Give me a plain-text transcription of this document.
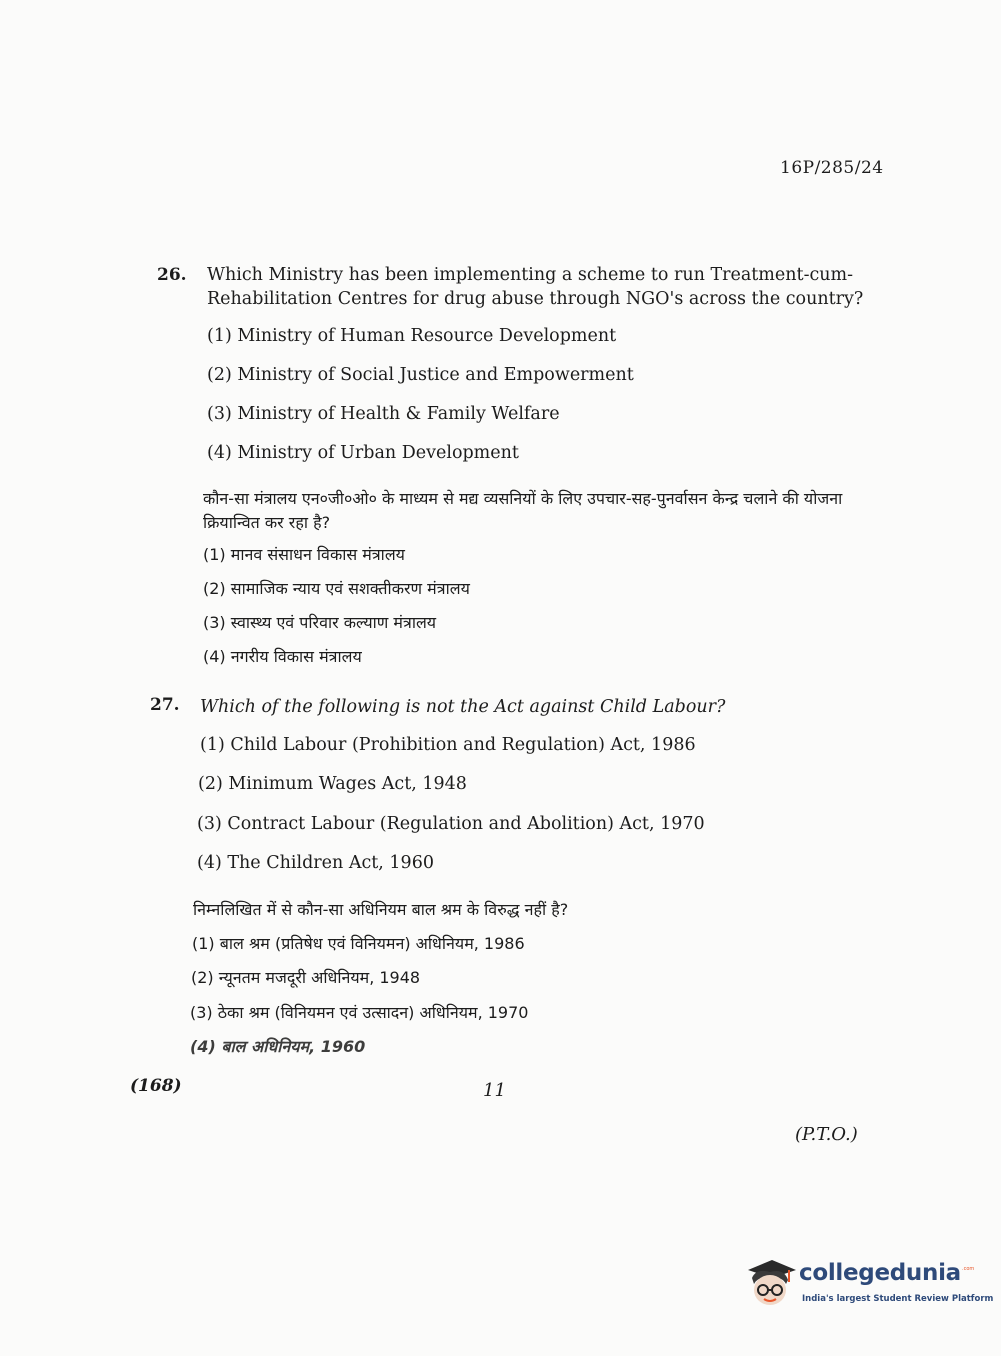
16P/285/24
26. Which Ministry has been implementing a scheme to run Treatment-cum-Rehabilitation Centres for drug abuse through NGO's across the country?
(1) Ministry of Human Resource Development
(2) Ministry of Social Justice and Empowerment
(3) Ministry of Health & Family Welfare
(4) Ministry of Urban Development
कौन-सा मंत्रालय एन०जी०ओ० के माध्यम से मद्य व्यसनियों के लिए उपचार-सह-पुनर्वासन केन्द्र चलाने की योजना क्रियान्वित कर रहा है?
(1) मानव संसाधन विकास मंत्रालय
(2) सामाजिक न्याय एवं सशक्तीकरण मंत्रालय
(3) स्वास्थ्य एवं परिवार कल्याण मंत्रालय
(4) नगरीय विकास मंत्रालय
27. Which of the following is not the Act against Child Labour?
(1) Child Labour (Prohibition and Regulation) Act, 1986
(2) Minimum Wages Act, 1948
(3) Contract Labour (Regulation and Abolition) Act, 1970
(4) The Children Act, 1960
निम्नलिखित में से कौन-सा अधिनियम बाल श्रम के विरुद्ध नहीं है?
(1) बाल श्रम (प्रतिषेध एवं विनियमन) अधिनियम, 1986
(2) न्यूनतम मजदूरी अधिनियम, 1948
(3) ठेका श्रम (विनियमन एवं उत्सादन) अधिनियम, 1970
(4) बाल अधिनियम, 1960
(168)	11
(P.T.O.)
collegedunia .com
India's largest Student Review Platform
